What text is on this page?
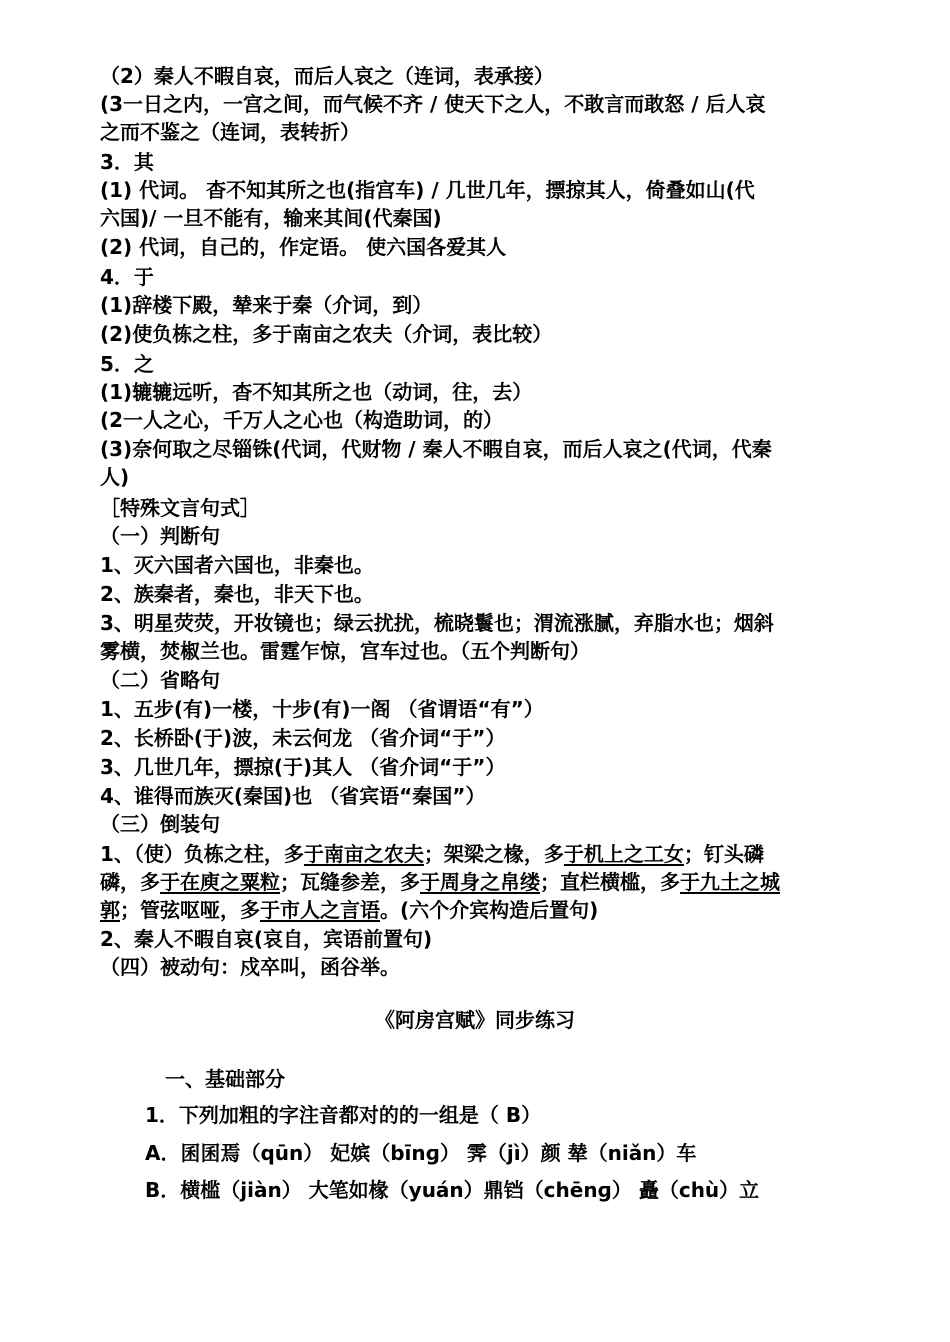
（2）秦人不暇自哀，而后人哀之（连词，表承接）
(3一日之内，一宫之间，而气候不齐 / 使天下之人，不敢言而敢怒 / 后人哀
之而不鉴之（连词，表转折）
3．其
(1) 代词。 杳不知其所之也(指宫车) / 几世几年，摽掠其人，倚叠如山(代
六国)/ 一旦不能有，输来其间(代秦国)
(2) 代词，自己的，作定语。 使六国各爱其人
4．于
(1)辞楼下殿，辇来于秦（介词，到）
(2)使负栋之柱，多于南亩之农夫（介词，表比较）
5．之
(1)辘辘远听，杳不知其所之也（动词，往，去）
(2一人之心，千万人之心也（构造助词，的）
(3)奈何取之尽锱铢(代词，代财物 / 秦人不暇自哀，而后人哀之(代词，代秦
人)
［特殊文言句式］
（一）判断句
1、灭六国者六国也，非秦也。
2、族秦者，秦也，非天下也。
3、明星荧荧，开妆镜也；绿云扰扰，梳晓鬟也；渭流涨腻，弃脂水也；烟斜
雾横，焚椒兰也。雷霆乍惊，宫车过也。（五个判断句）
（二）省略句
1、五步(有)一楼，十步(有)一阁 （省谓语“有”）
2、长桥卧(于)波，未云何龙 （省介词“于”）
3、几世几年，摽掠(于)其人 （省介词“于”）
4、谁得而族灭(秦国)也 （省宾语“秦国”）
（三）倒装句
1、（使）负栋之柱，多于南亩之农夫；架梁之椽，多于机上之工女；钉头磷
磷，多于在庾之粟粒；瓦缝参差，多于周身之帛缕；直栏横槛，多于九土之城
郭；管弦呕哑，多于市人之言语。(六个介宾构造后置句)
2、秦人不暇自哀(哀自，宾语前置句)
（四）被动句：戍卒叫，函谷举。
《阿房宫赋》同步练习
一、基础部分
1．下列加粗的字注音都对的的一组是（ B）
A．囷囷焉（qūn） 妃嫔（bīnɡ） 霁（jì）颜 辇（niǎn）车
B．横槛（jiàn） 大笔如椽（yuán）鼎铛（chēnɡ） 矗（chù）立
